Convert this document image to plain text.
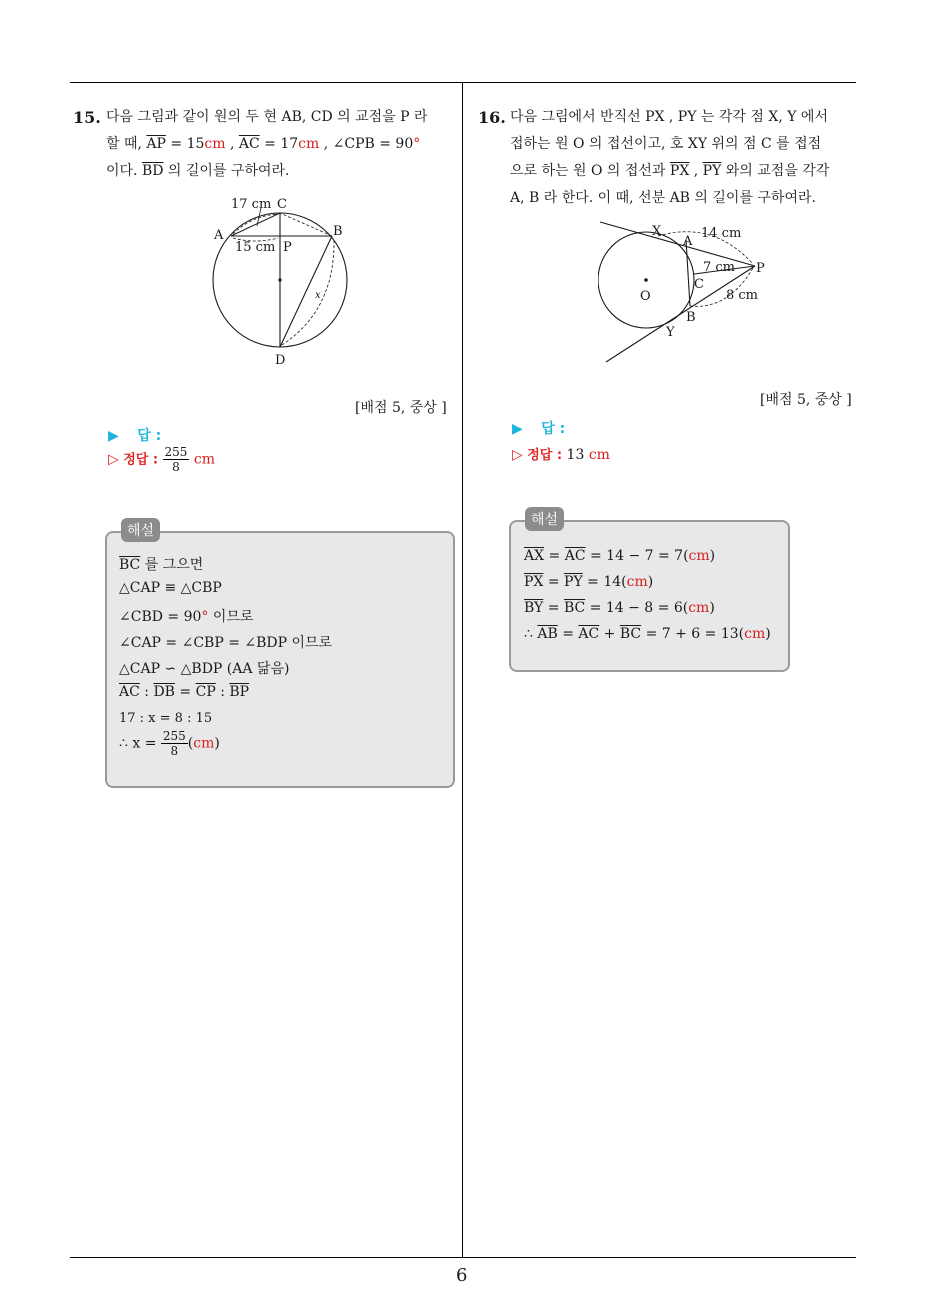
15. 다음 그림과 같이 원의 두 현 AB, CD 의 교점을 P 라
할 때, $\overline{AP} = 15cm$ , $\overline{AC} = 17cm$ , ∠CPB = 90°
이다. $\overline{BD}$ 의 길이를 구하여라.
A	B
C
D
P
17 cm
15 cm
x
[배점 5, 중상 ]
▶ 답 :
▷ 정답 : $\frac{255}{8}$ cm
해설
$\overline{BC}$ 를 그으면
△CAP ≡ △CBP
∠CBD = 90° 이므로
∠CAP = ∠CBP = ∠BDP 이므로
△CAP ∽ △BDP (AA 닮음)
$\overline{AC}$ : $\overline{DB} = \overline{CP}$ : $\overline{BP}$
17 : x = 8 : 15
∴ $x = \frac{255}{8} (cm)$
16. 다음 그림에서 반직선 PX , PY 는 각각 점 X, Y 에서
접하는 원 O 의 접선이고, 호 XY 위의 점 C 를 접점
으로 하는 원 O 의 접선과 $\overline{PX}$ , $\overline{PY}$ 와의 교점을 각각
A, B 라 한다. 이 때, 선분 AB 의 길이를 구하여라.
X
A
P
C
O
B
Y
14 cm
7 cm
8 cm
[배점 5, 중상 ]
▶ 답 :
▷ 정답 : 13 cm
해설
$\overline{AX} = \overline{AC} = 14 - 7 = 7(cm)$
$\overline{PX} = \overline{PY} = 14(cm)$
$\overline{BY} = \overline{BC} = 14 - 8 = 6(cm)$
∴ $\overline{AB} = \overline{AC} + \overline{BC} = 7 + 6 = 13(cm)$
6
